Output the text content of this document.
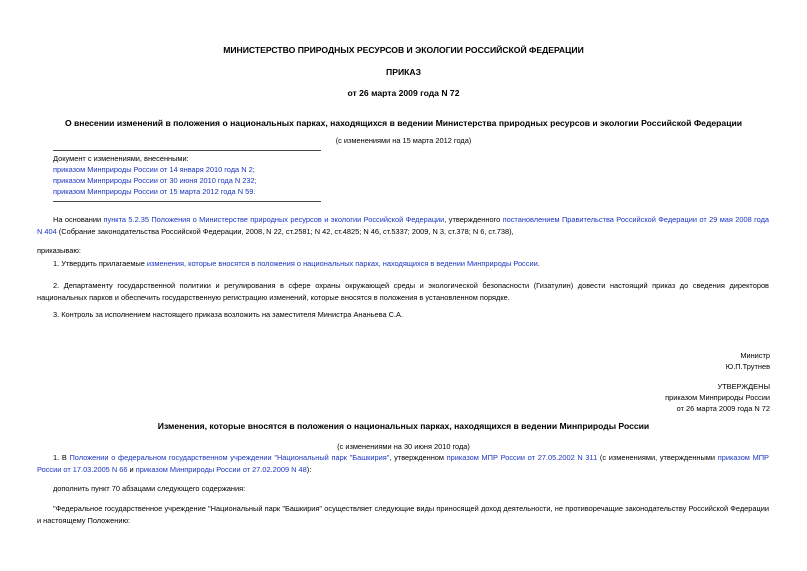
МИНИСТЕРСТВО ПРИРОДНЫХ РЕСУРСОВ И ЭКОЛОГИИ РОССИЙСКОЙ ФЕДЕРАЦИИ
ПРИКАЗ
от 26 марта 2009 года N 72
О внесении изменений в положения о национальных парках, находящихся в ведении Министерства природных ресурсов и экологии Российской Федерации
(с изменениями на 15 марта 2012 года)
Документ с изменениями, внесенными:
приказом Минприроды России от 14 января 2010 года N 2;
приказом Минприроды России от 30 июня 2010 года N 232;
приказом Минприроды России от 15 марта 2012 года N 59.
На основании пункта 5.2.35 Положения о Министерстве природных ресурсов и экологии Российской Федерации, утвержденного постановлением Правительства Российской Федерации от 29 мая 2008 года N 404 (Собрание законодательства Российской Федерации, 2008, N 22, ст.2581; N 42, ст.4825; N 46, ст.5337; 2009, N 3, ст.378; N 6, ст.738),
приказываю:
1. Утвердить прилагаемые изменения, которые вносятся в положения о национальных парках, находящихся в ведении Минприроды России.
2. Департаменту государственной политики и регулирования в сфере охраны окружающей среды и экологической безопасности (Гизатулин) довести настоящий приказ до сведения директоров национальных парков и обеспечить государственную регистрацию изменений, которые вносятся в положения в установленном порядке.
3. Контроль за исполнением настоящего приказа возложить на заместителя Министра Ананьева С.А.
Министр
Ю.П.Трутнев
УТВЕРЖДЕНЫ
приказом Минприроды России
от 26 марта 2009 года N 72
Изменения, которые вносятся в положения о национальных парках, находящихся в ведении Минприроды России
(с изменениями на 30 июня 2010 года)
1. В Положении о федеральном государственном учреждении "Национальный парк "Башкирия", утвержденном приказом МПР России от 27.05.2002 N 311 (с изменениями, утвержденными приказом МПР России от 17.03.2005 N 66 и приказом Минприроды России от 27.02.2009 N 48):
дополнить пункт 70 абзацами следующего содержания:
"Федеральное государственное учреждение "Национальный парк "Башкирия" осуществляет следующие виды приносящей доход деятельности, не противоречащие законодательству Российской Федерации и настоящему Положению:
